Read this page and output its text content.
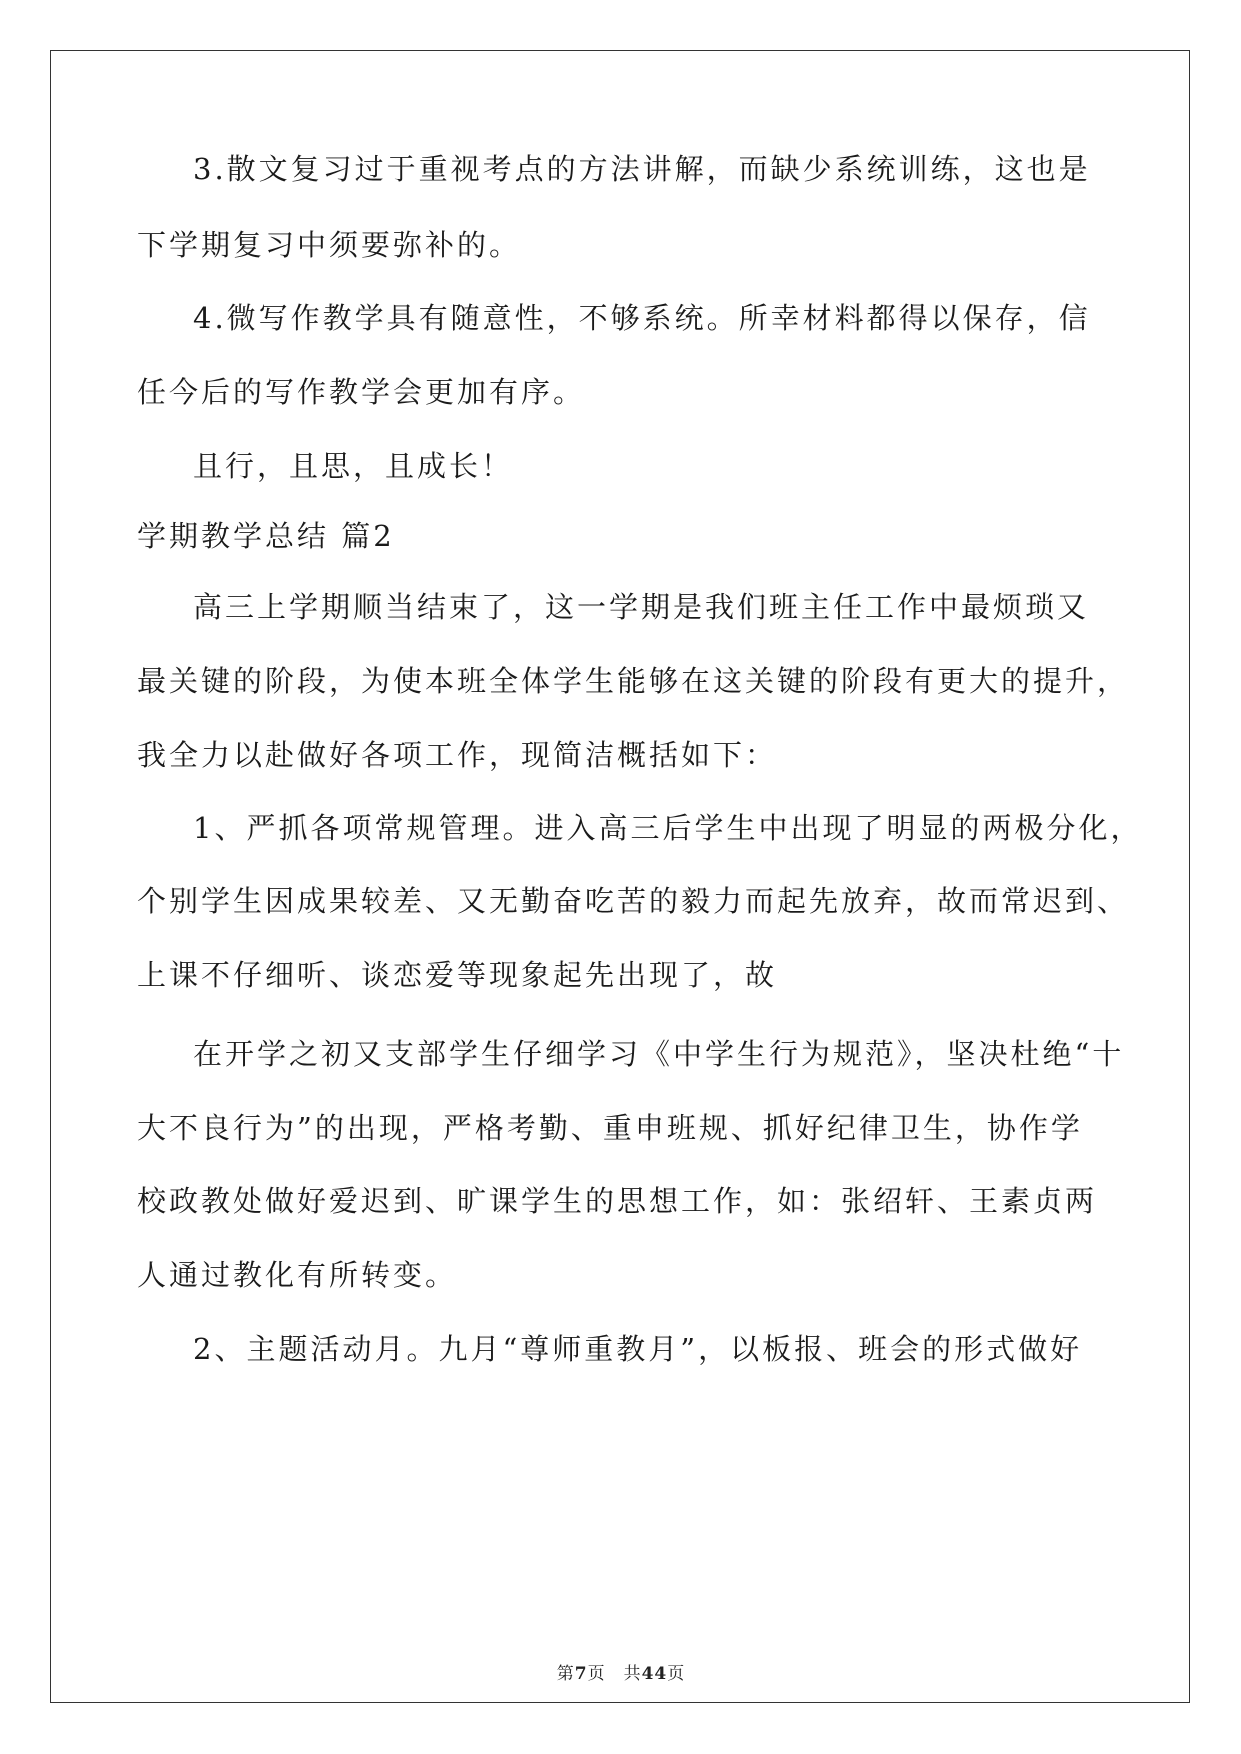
3.散文复习过于重视考点的方法讲解，而缺少系统训练，这也是
下学期复习中须要弥补的。
4.微写作教学具有随意性，不够系统。所幸材料都得以保存，信
任今后的写作教学会更加有序。
且行，且思，且成长！
学期教学总结 篇2
高三上学期顺当结束了，这一学期是我们班主任工作中最烦琐又
最关键的阶段，为使本班全体学生能够在这关键的阶段有更大的提升，
我全力以赴做好各项工作，现简洁概括如下：
1、严抓各项常规管理。进入高三后学生中出现了明显的两极分化，
个别学生因成果较差、又无勤奋吃苦的毅力而起先放弃，故而常迟到、
上课不仔细听、谈恋爱等现象起先出现了，故
在开学之初又支部学生仔细学习《中学生行为规范》，坚决杜绝“十
大不良行为”的出现，严格考勤、重申班规、抓好纪律卫生，协作学
校政教处做好爱迟到、旷课学生的思想工作，如：张绍轩、王素贞两
人通过教化有所转变。
2、主题活动月。九月“尊师重教月”，以板报、班会的形式做好
第7页　共44页
